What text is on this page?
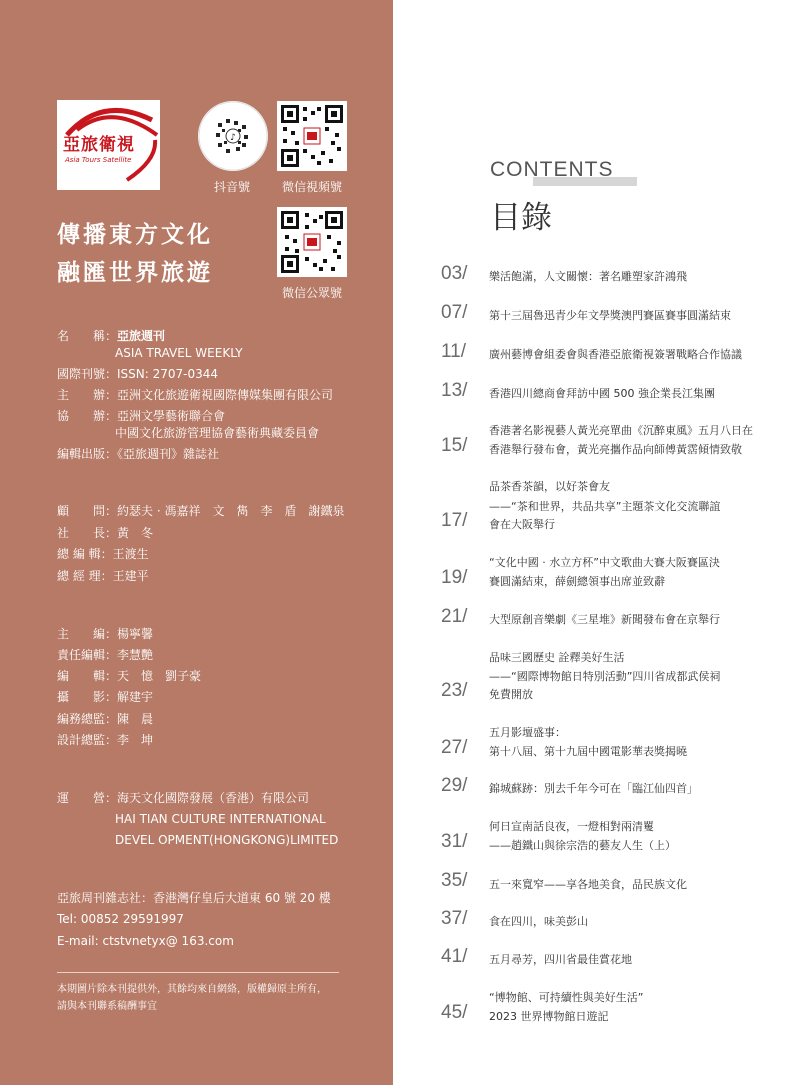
亞旅衛視
Asia Tours Satellite
♪
抖音號	微信視頻號
微信公眾號
傳播東方文化
融匯世界旅遊
名　　稱：亞旅週刊
ASIA TRAVEL WEEKLY
國際刊號：ISSN: 2707-0344
主　　辦：亞洲文化旅遊衛視國際傳媒集團有限公司
協　　辦：亞洲文學藝術聯合會
中國文化旅游管理協會藝術典藏委員會
編輯出版：《亞旅週刊》雜誌社
顧　　問：約瑟夫 · 馮嘉祥　文　雋　李　盾　謝鐵泉
社　　長：黃　冬
總 編 輯：王渡生
總 經 理：王建平
主　　編：楊寧馨
責任編輯：李慧艷
編　　輯：天　憶　劉子豪
攝　　影：解建宇
編務總監：陳　晨
設計總監：李　坤
運　　營：海天文化國際發展（香港）有限公司
HAI TIAN CULTURE INTERNATIONAL
DEVEL OPMENT(HONGKONG)LIMITED
亞旅周刊雜志社：香港灣仔皇后大道東 60 號 20 樓
Tel: 00852 29591997
E-mail: ctstvnetyx@ 163.com
本期圖片除本刊提供外，其餘均來自網絡，版權歸原主所有，
請與本刊聯系稿酬事宜
CONTENTS
目錄
03/ 樂活飽滿，人文關懷：著名雕塑家許鴻飛
07/ 第十三屆魯迅青少年文學獎澳門賽區賽事圓滿結束
11/ 廣州藝博會組委會與香港亞旅衛視簽署戰略合作協議
13/ 香港四川總商會拜訪中國 500 強企業長江集團
15/
香港著名影視藝人黃光亮單曲《沉醉東風》五月八日在
香港舉行發布會，黃光亮攜作品向師傅黃霑傾情致敬
17/
品茶香茶韻，以好茶會友
——“茶和世界，共品共享”主題茶文化交流聯誼
會在大阪舉行
19/
“文化中國 · 水立方杯”中文歌曲大賽大阪賽區決
賽圓滿結束，薛劍總領事出席並致辭
21/ 大型原創音樂劇《三星堆》新聞發布會在京舉行
23/
品味三國歷史 詮釋美好生活
——“國際博物館日特別活動”四川省成都武侯祠
免費開放
27/
五月影壇盛事：
第十八屆、第十九屆中國電影華表獎揭曉
29/ 錦城蘇跡：別去千年今可在「臨江仙四首」
31/
何日宣南話良夜，一燈相對兩清矍
——趙鐵山與徐宗浩的藝友人生（上）
35/ 五一來寬窄——享各地美食，品民族文化
37/ 食在四川，味美彭山
41/ 五月尋芳，四川省最佳賞花地
45/
“博物館、可持續性與美好生活”
2023 世界博物館日遊記
